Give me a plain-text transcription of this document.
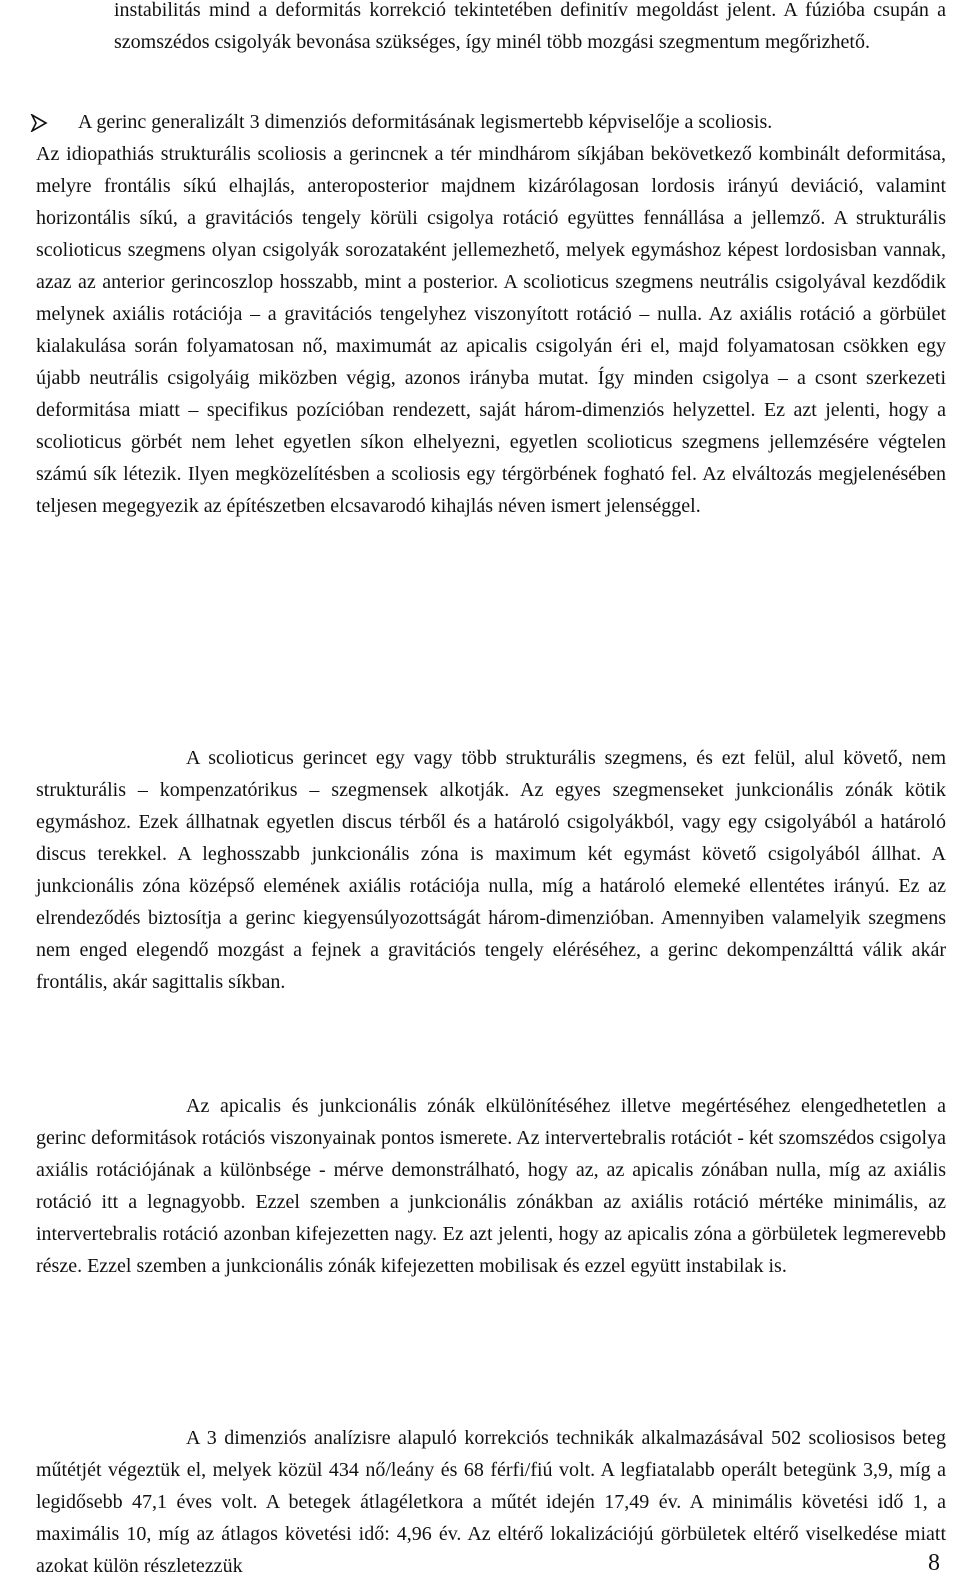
instabilitás mind a deformitás korrekció tekintetében definitív megoldást jelent. A fúzióba csupán a szomszédos csigolyák bevonása szükséges, így minél több mozgási szegmentum megőrizhető.

A gerinc generalizált 3 dimenziós deformitásának legismertebb képviselője a scoliosis.

Az idiopathiás strukturális scoliosis a gerincnek a tér mindhárom síkjában bekövetkező kombinált deformitása, melyre frontális síkú elhajlás, anteroposterior majdnem kizárólagosan lordosis irányú deviáció, valamint horizontális síkú, a gravitációs tengely körüli csigolya rotáció együttes fennállása a jellemző. A strukturális scolioticus szegmens olyan csigolyák sorozataként jellemezhető, melyek egymáshoz képest lordosisban vannak, azaz az anterior gerincoszlop hosszabb, mint a posterior. A scolioticus szegmens neutrális csigolyával kezdődik melynek axiális rotációja – a gravitációs tengelyhez viszonyított rotáció – nulla. Az axiális rotáció a görbület kialakulása során folyamatosan nő, maximumát az apicalis csigolyán éri el, majd folyamatosan csökken egy újabb neutrális csigolyáig miközben végig, azonos irányba mutat. Így minden csigolya – a csont szerkezeti deformitása miatt – specifikus pozícióban rendezett, saját három-dimenziós helyzettel. Ez azt jelenti, hogy a scolioticus görbét nem lehet egyetlen síkon elhelyezni, egyetlen scolioticus szegmens jellemzésére végtelen számú sík létezik. Ilyen megközelítésben a scoliosis egy térgörbének fogható fel. Az elváltozás megjelenésében teljesen megegyezik az építészetben elcsavarodó kihajlás néven ismert jelenséggel.

A scolioticus gerincet egy vagy több strukturális szegmens, és ezt felül, alul követő, nem strukturális – kompenzatórikus – szegmensek alkotják. Az egyes szegmenseket junkcionális zónák kötik egymáshoz. Ezek állhatnak egyetlen discus térből és a határoló csigolyákból, vagy egy csigolyából a határoló discus terekkel. A leghosszabb junkcionális zóna is maximum két egymást követő csigolyából állhat. A junkcionális zóna középső elemének axiális rotációja nulla, míg a határoló elemeké ellentétes irányú. Ez az elrendeződés biztosítja a gerinc kiegyensúlyozottságát három-dimenzióban. Amennyiben valamelyik szegmens nem enged elegendő mozgást a fejnek a gravitációs tengely eléréséhez, a gerinc dekompenzálttá válik akár frontális, akár sagittalis síkban.

Az apicalis és junkcionális zónák elkülönítéséhez illetve megértéséhez elengedhetetlen a gerinc deformitások rotációs viszonyainak pontos ismerete. Az intervertebralis rotációt - két szomszédos csigolya axiális rotációjának a különbsége - mérve demonstrálható, hogy az, az apicalis zónában nulla, míg az axiális rotáció itt a legnagyobb. Ezzel szemben a junkcionális zónákban az axiális rotáció mértéke minimális, az intervertebralis rotáció azonban kifejezetten nagy. Ez azt jelenti, hogy az apicalis zóna a görbületek legmerevebb része. Ezzel szemben a junkcionális zónák kifejezetten mobilisak és ezzel együtt instabilak is.

A 3 dimenziós analízisre alapuló korrekciós technikák alkalmazásával 502 scoliosisos beteg műtétjét végeztük el, melyek közül 434 nő/leány és 68 férfi/fiú volt. A legfiatalabb operált betegünk 3,9, míg a legidősebb 47,1 éves volt. A betegek átlagéletkora a műtét idején 17,49 év. A minimális követési idő 1, a maximális 10, míg az átlagos követési idő: 4,96 év. Az eltérő lokalizációjú görbületek eltérő viselkedése miatt azokat külön részletezzük	8
